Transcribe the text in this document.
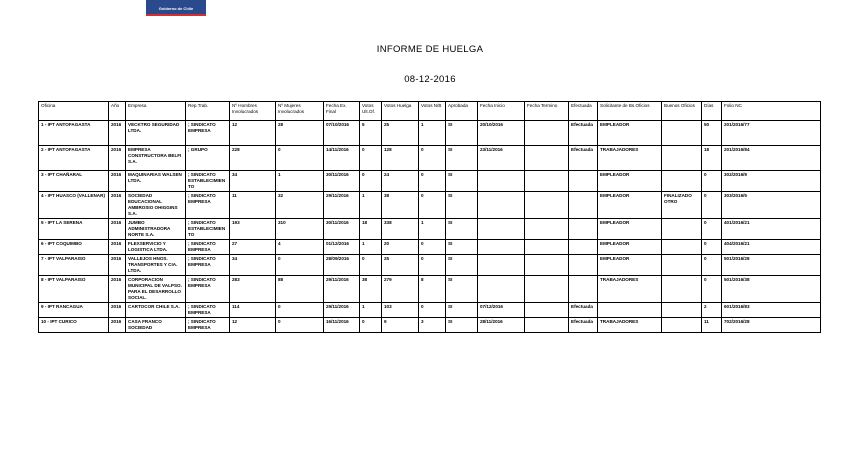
Gobierno de Chile
INFORME DE HUELGA
08-12-2016
Oficina	Año	Empresa	Rep.Trab.	Nº Hombres Involucrados	Nº Mujeres Involucrados	Fecha Ex. Final	Votos Ult.Of.	Votos Huelga	Votos N/B	Aprobada	Fecha Inicio	Fecha Termino	Efectuada	Solicitante de Bs.Oficios	Buenos Oficios	Días	Folio NC
1 - IPT ANTOFAGASTA	2016	VECKTRO SEGURIDAD LTDA.	; SINDICATO EMPRESA	12	28	07/10/2016	5	25	1	SI	20/10/2016		Efectuada	EMPLEADOR		50	201/2016/77
2 - IPT ANTOFAGASTA	2016	EMPRESA CONSTRUCTORA BELFI S.A.	; GRUPO	228	0	14/11/2016	0	128	0	SI	23/11/2016		Efectuada	TRABAJADORES		18	201/2016/84
3 - IPT CHAÑARAL	2016	MAQUINARIAS WALSEN LTDA.	; SINDICATO ESTABLECIMIENTO	34	1	30/11/2016	0	24	0	SI				EMPLEADOR		0	302/2016/9
4 - IPT HUASCO (VALLENAR)	2016	SOCIEDAD EDUCACIONAL AMBROSIO OHIGGINS S.A.	; SINDICATO EMPRESA	11	32	29/11/2016	1	38	0	SI				EMPLEADOR	FINALIZADO OTRO	0	303/2016/5
5 - IPT LA SERENA	2016	JUMBO ADMINISTRADORA NORTE S.A.	; SINDICATO ESTABLECIMIENTO	193	310	30/11/2016	18	338	1	SI				EMPLEADOR		0	401/2016/21
6 - IPT COQUIMBO	2016	FLEXSERVICIO Y LOGISTICA LTDA.	; SINDICATO EMPRESA	27	4	01/12/2016	1	20	0	SI				EMPLEADOR		0	404/2016/21
7 - IPT VALPARAISO	2016	VALLEJOS HNOS. TRANSPORTES Y CIA. LTDA.	; SINDICATO EMPRESA	34	0	28/09/2016	0	25	0	SI				EMPLEADOR		0	501/2016/28
8 - IPT VALPARAISO	2016	CORPORACION MUNICIPAL DE VALPSO. PARA EL DESARROLLO SOCIAL.	; SINDICATO EMPRESA	283	88	29/11/2016	38	279	8	SI				TRABAJADORES		0	501/2016/38
9 - IPT RANCAGUA	2016	CARTOCOR CHILE S.A.	; SINDICATO EMPRESA	114	0	29/11/2016	1	103	0	SI	07/12/2016		Efectuada			2	601/2016/83
10 - IPT CURICO	2016	CASA FRANCO SOCIEDAD	; SINDICATO EMPRESA	12	0	16/11/2016	0	9	3	SI	28/11/2016		Efectuada	TRABAJADORES		11	702/2016/28
